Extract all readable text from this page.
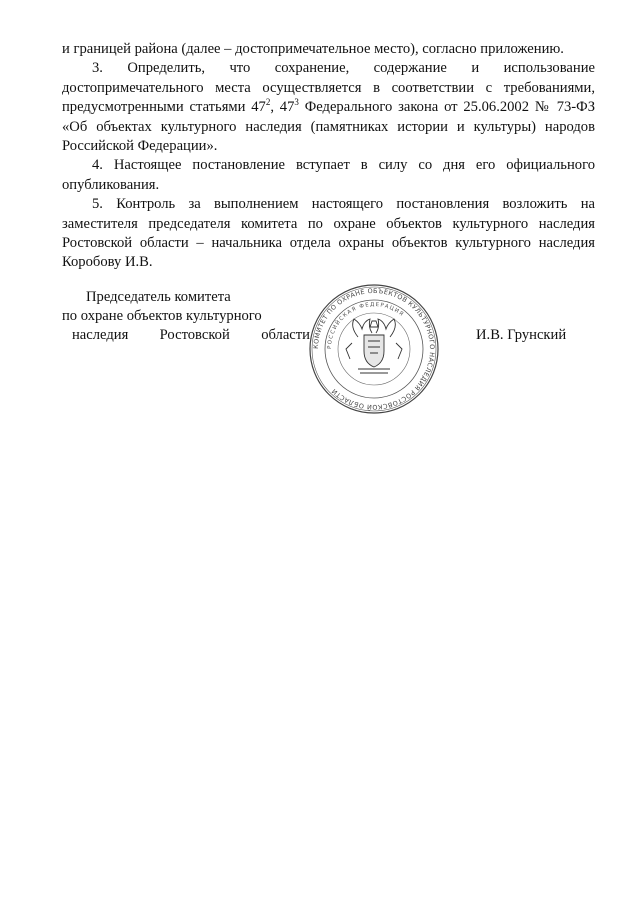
и границей района (далее – достопримечательное место), согласно приложению.

3. Определить, что сохранение, содержание и использование достопримечательного места осуществляется в соответствии с требованиями, предусмотренными статьями $47^2$, $47^3$ Федерального закона от 25.06.2002 № 73-ФЗ «Об объектах культурного наследия (памятниках истории и культуры) народов Российской Федерации».

4. Настоящее постановление вступает в силу со дня его официального опубликования.

5. Контроль за выполнением настоящего постановления возложить на заместителя председателя комитета по охране объектов культурного наследия Ростовской области – начальника отдела охраны объектов культурного наследия Коробову И.В.

Председатель комитета
по охране объектов культурного
наследия Ростовской области
КОМИТЕТ ПО ОХРАНЕ ОБЪЕКТОВ КУЛЬТУРНОГО НАСЛЕДИЯ РОСТОВСКОЙ ОБЛАСТИ
РОССИЙСКАЯ ФЕДЕРАЦИЯ
И.В. Грунский
